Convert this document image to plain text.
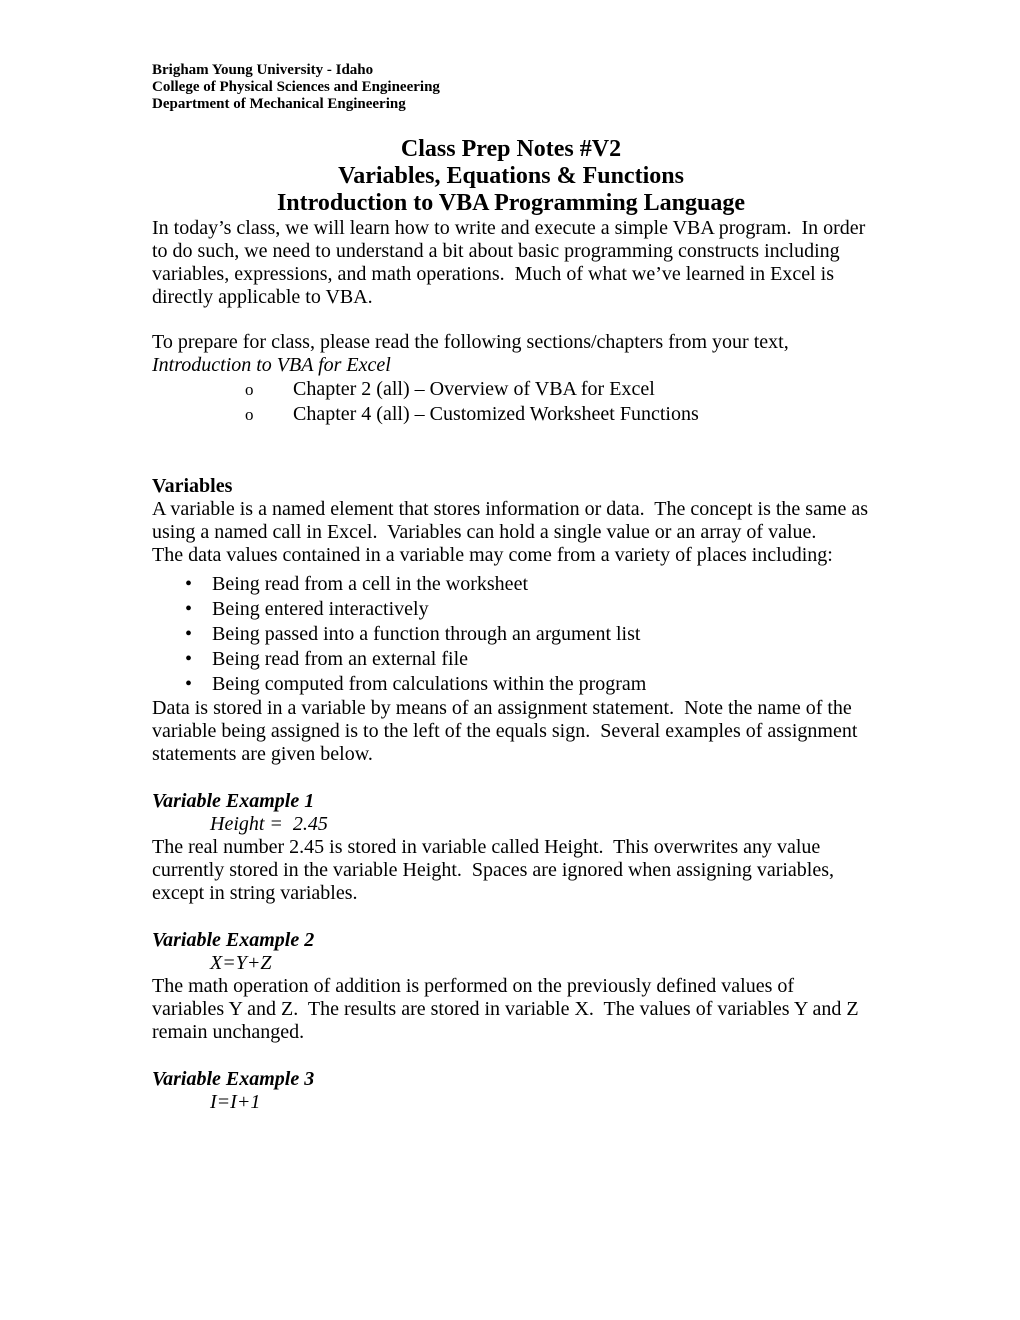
Brigham Young University - Idaho
College of Physical Sciences and Engineering
Department of Mechanical Engineering
Class Prep Notes #V2
Variables, Equations & Functions
Introduction to VBA Programming Language

In today’s class, we will learn how to write and execute a simple VBA program.  In order to do such, we need to understand a bit about basic programming constructs including variables, expressions, and math operations.  Much of what we’ve learned in Excel is directly applicable to VBA.

To prepare for class, please read the following sections/chapters from your text,
Introduction to VBA for Excel
o Chapter 2 (all) – Overview of VBA for Excel
o Chapter 4 (all) – Customized Worksheet Functions
Variables

A variable is a named element that stores information or data.  The concept is the same as using a named call in Excel.  Variables can hold a single value or an array of value.

The data values contained in a variable may come from a variety of places including:

• Being read from a cell in the worksheet
• Being entered interactively
• Being passed into a function through an argument list
• Being read from an external file
• Being computed from calculations within the program

Data is stored in a variable by means of an assignment statement.  Note the name of the variable being assigned is to the left of the equals sign.  Several examples of assignment statements are given below.

Variable Example 1
Height =  2.45

The real number 2.45 is stored in variable called Height.  This overwrites any value currently stored in the variable Height.  Spaces are ignored when assigning variables, except in string variables.

Variable Example 2
X=Y+Z

The math operation of addition is performed on the previously defined values of variables Y and Z.  The results are stored in variable X.  The values of variables Y and Z remain unchanged.

Variable Example 3
I=I+1
